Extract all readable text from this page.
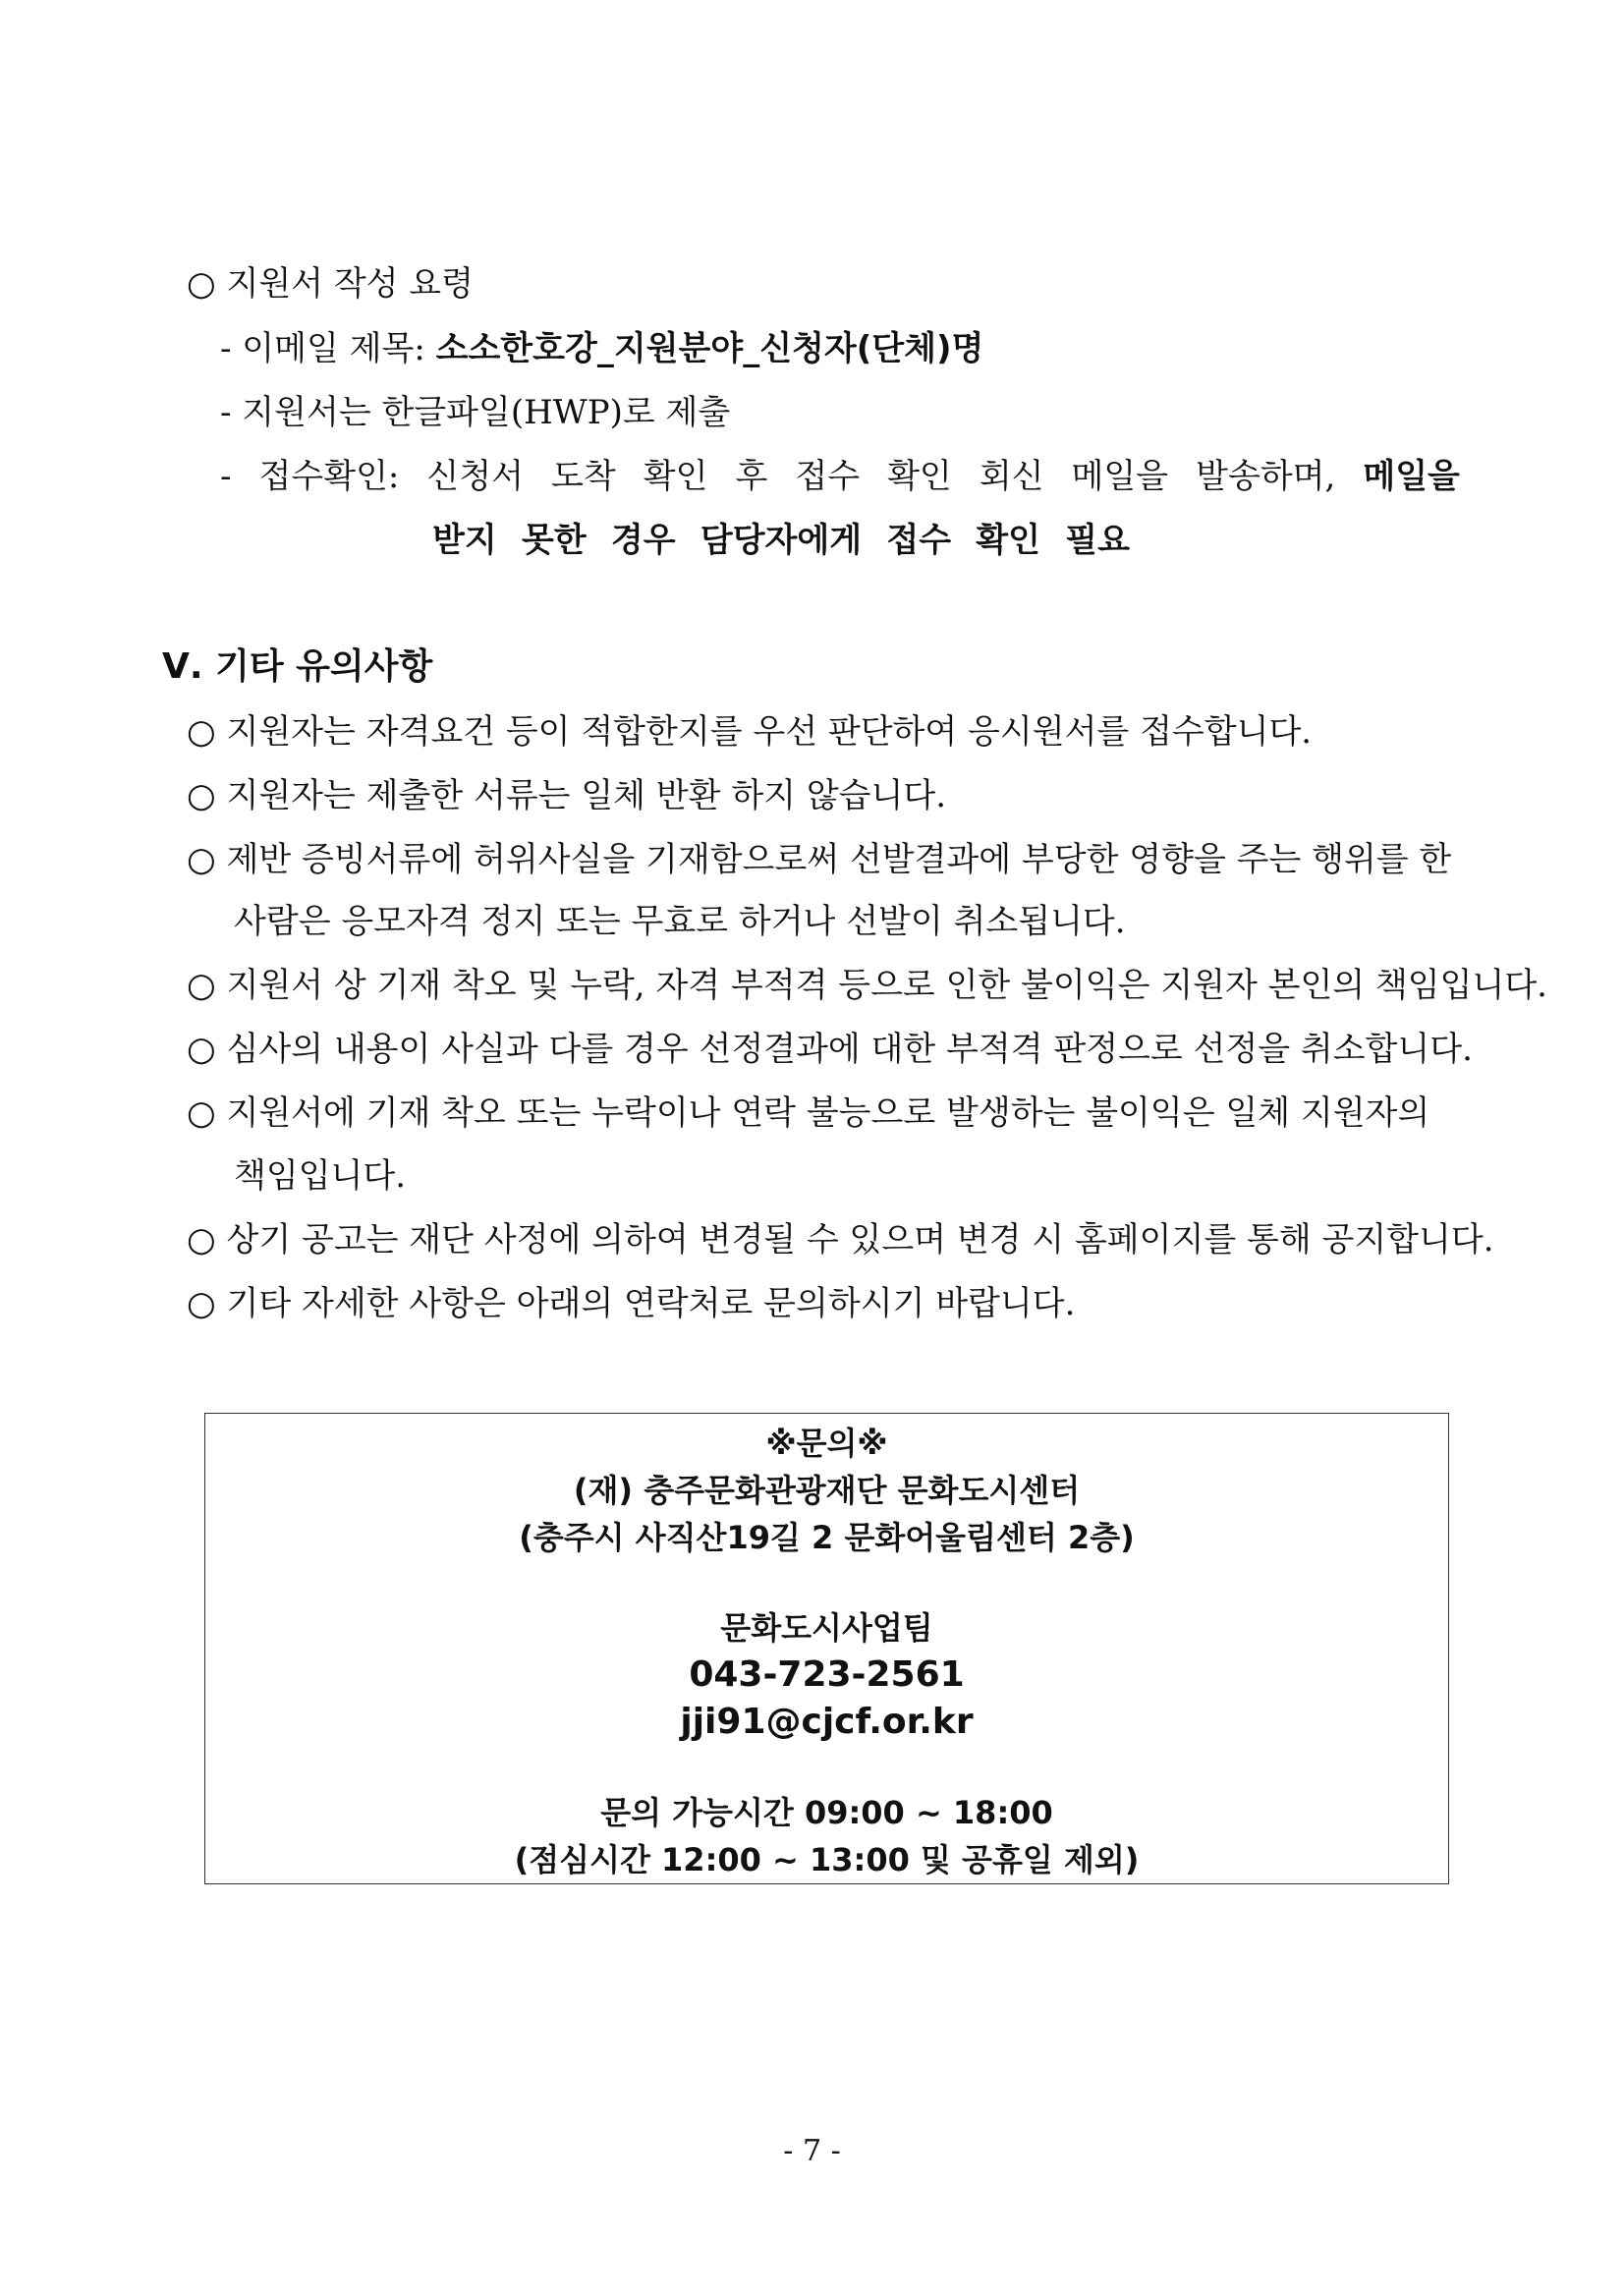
○ 지원서 작성 요령
- 이메일 제목: 소소한호강_지원분야_신청자(단체)명
- 지원서는 한글파일(HWP)로 제출
- 접수확인: 신청서 도착 확인 후 접수 확인 회신 메일을 발송하며, 메일을
받지 못한 경우 담당자에게 접수 확인 필요
Ⅴ. 기타 유의사항
○ 지원자는 자격요건 등이 적합한지를 우선 판단하여 응시원서를 접수합니다.
○ 지원자는 제출한 서류는 일체 반환 하지 않습니다.
○ 제반 증빙서류에 허위사실을 기재함으로써 선발결과에 부당한 영향을 주는 행위를 한
사람은 응모자격 정지 또는 무효로 하거나 선발이 취소됩니다.
○ 지원서 상 기재 착오 및 누락, 자격 부적격 등으로 인한 불이익은 지원자 본인의 책임입니다.
○ 심사의 내용이 사실과 다를 경우 선정결과에 대한 부적격 판정으로 선정을 취소합니다.
○ 지원서에 기재 착오 또는 누락이나 연락 불능으로 발생하는 불이익은 일체 지원자의
책임입니다.
○ 상기 공고는 재단 사정에 의하여 변경될 수 있으며 변경 시 홈페이지를 통해 공지합니다.
○ 기타 자세한 사항은 아래의 연락처로 문의하시기 바랍니다.
※문의※
(재) 충주문화관광재단 문화도시센터
(충주시 사직산19길 2 문화어울림센터 2층)
문화도시사업팀
043-723-2561
jji91@cjcf.or.kr
문의 가능시간 09:00 ~ 18:00
(점심시간 12:00 ~ 13:00 및 공휴일 제외)
- 7 -
